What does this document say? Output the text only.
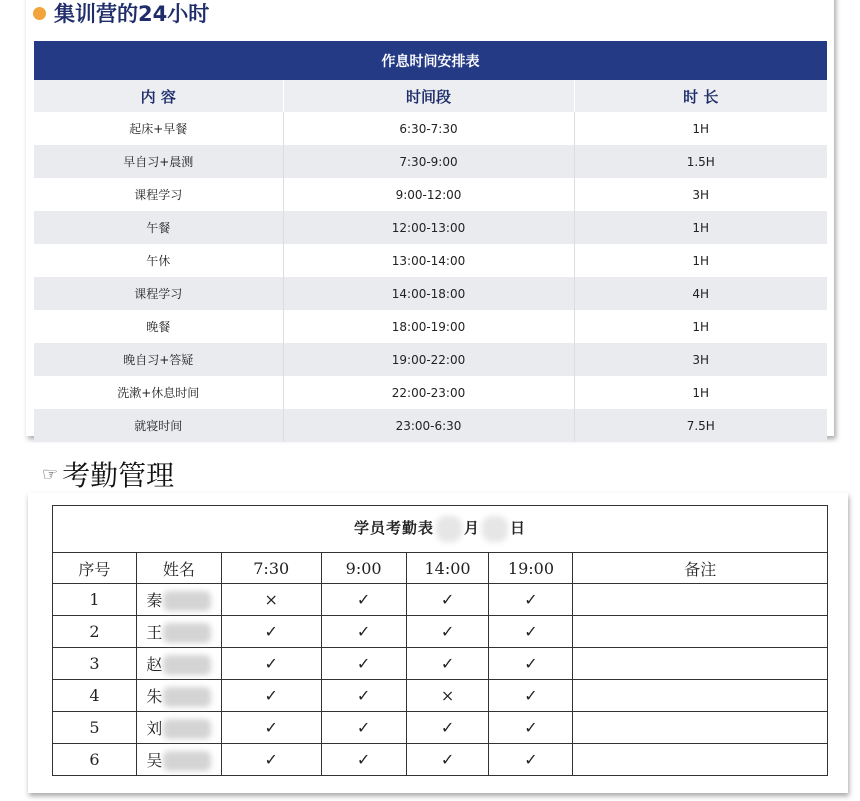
集训营的24小时
作息时间安排表		
内 容	时间段	时 长
起床+早餐	6:30-7:30	1H
早自习+晨测	7:30-9:00	1.5H
课程学习	9:00-12:00	3H
午餐	12:00-13:00	1H
午休	13:00-14:00	1H
课程学习	14:00-18:00	4H
晚餐	18:00-19:00	1H
晚自习+答疑	19:00-22:00	3H
洗漱+休息时间	22:00-23:00	1H
就寝时间	23:00-6:30	7.5H
☞ 考勤管理
学员考勤表 月 日						
序号	姓名	7:30	9:00	14:00	19:00	备注
1	秦	×	✓	✓	✓	
2	王	✓	✓	✓	✓	
3	赵	✓	✓	✓	✓	
4	朱	✓	✓	×	✓	
5	刘	✓	✓	✓	✓	
6	吴	✓	✓	✓	✓	
